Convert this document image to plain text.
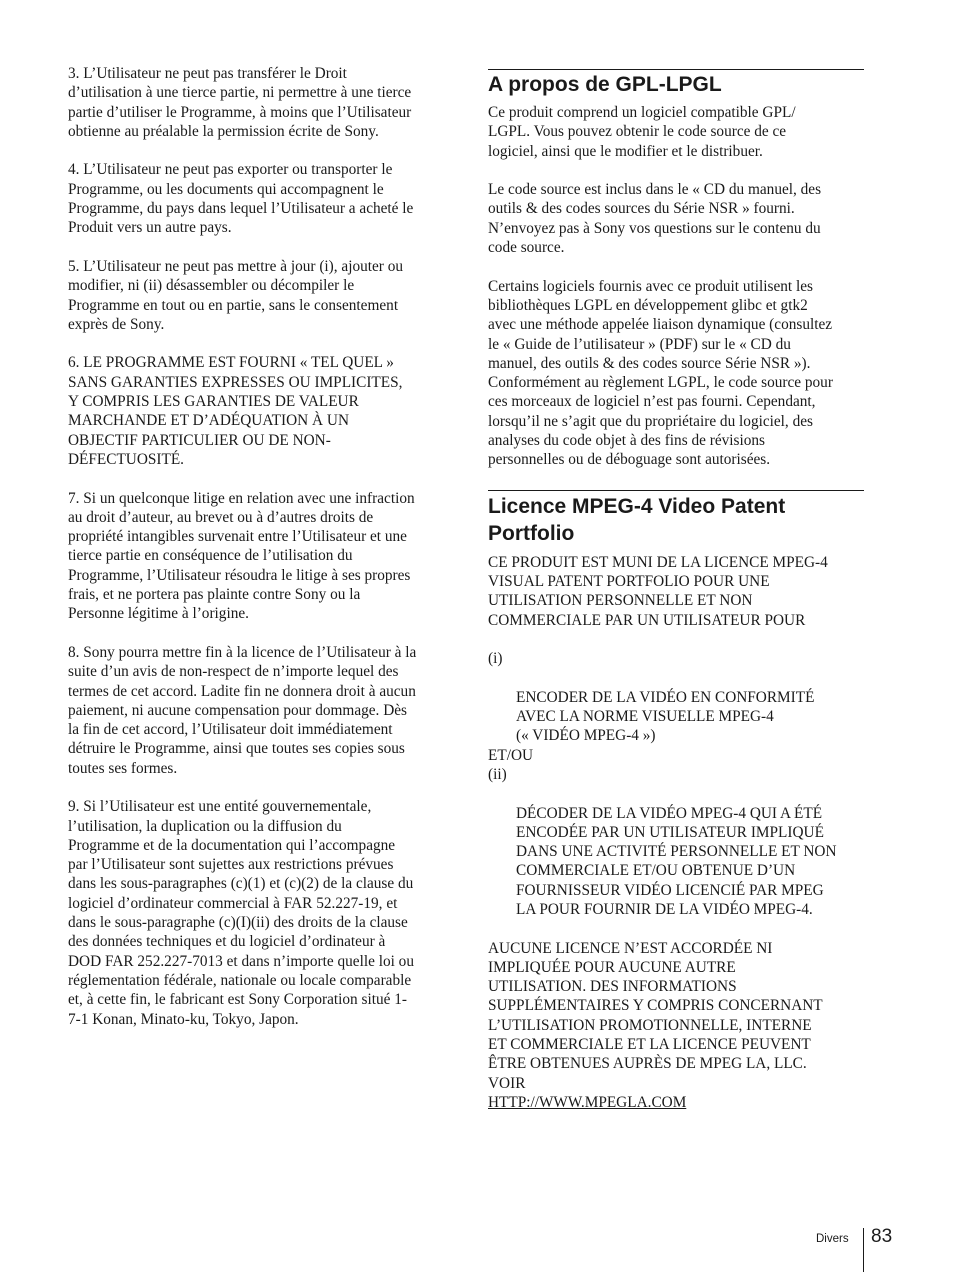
3. L’Utilisateur ne peut pas transférer le Droit
d’utilisation à une tierce partie, ni permettre à une tierce
partie d’utiliser le Programme, à moins que l’Utilisateur
obtienne au préalable la permission écrite de Sony.

4. L’Utilisateur ne peut pas exporter ou transporter le
Programme, ou les documents qui accompagnent le
Programme, du pays dans lequel l’Utilisateur a acheté le
Produit vers un autre pays.

5. L’Utilisateur ne peut pas mettre à jour (i), ajouter ou
modifier, ni (ii) désassembler ou décompiler le
Programme en tout ou en partie, sans le consentement
exprès de Sony.

6. LE PROGRAMME EST FOURNI « TEL QUEL »
SANS GARANTIES EXPRESSES OU IMPLICITES,
Y COMPRIS LES GARANTIES DE VALEUR
MARCHANDE ET D’ADÉQUATION À UN
OBJECTIF PARTICULIER OU DE NON-
DÉFECTUOSITÉ.

7. Si un quelconque litige en relation avec une infraction
au droit d’auteur, au brevet ou à d’autres droits de
propriété intangibles survenait entre l’Utilisateur et une
tierce partie en conséquence de l’utilisation du
Programme, l’Utilisateur résoudra le litige à ses propres
frais, et ne portera pas plainte contre Sony ou la
Personne légitime à l’origine.

8. Sony pourra mettre fin à la licence de l’Utilisateur à la
suite d’un avis de non-respect de n’importe lequel des
termes de cet accord. Ladite fin ne donnera droit à aucun
paiement, ni aucune compensation pour dommage. Dès
la fin de cet accord, l’Utilisateur doit immédiatement
détruire le Programme, ainsi que toutes ses copies sous
toutes ses formes.

9. Si l’Utilisateur est une entité gouvernementale,
l’utilisation, la duplication ou la diffusion du
Programme et de la documentation qui l’accompagne
par l’Utilisateur sont sujettes aux restrictions prévues
dans les sous-paragraphes (c)(1) et (c)(2) de la clause du
logiciel d’ordinateur commercial à FAR 52.227-19, et
dans le sous-paragraphe (c)(I)(ii) des droits de la clause
des données techniques et du logiciel d’ordinateur à
DOD FAR 252.227-7013 et dans n’importe quelle loi ou
réglementation fédérale, nationale ou locale comparable
et, à cette fin, le fabricant est Sony Corporation situé 1-
7-1 Konan, Minato-ku, Tokyo, Japon.

A propos de GPL-LPGL

Ce produit comprend un logiciel compatible GPL/
LGPL. Vous pouvez obtenir le code source de ce
logiciel, ainsi que le modifier et le distribuer.

Le code source est inclus dans le « CD du manuel, des
outils & des codes sources du Série NSR » fourni.
N’envoyez pas à Sony vos questions sur le contenu du
code source.

Certains logiciels fournis avec ce produit utilisent les
bibliothèques LGPL en développement glibc et gtk2
avec une méthode appelée liaison dynamique (consultez
le « Guide de l’utilisateur » (PDF) sur le « CD du
manuel, des outils & des codes source Série NSR »).
Conformément au règlement LGPL, le code source pour
ces morceaux de logiciel n’est pas fourni. Cependant,
lorsqu’il ne s’agit que du propriétaire du logiciel, des
analyses du code objet à des fins de révisions
personnelles ou de déboguage sont autorisées.

Licence MPEG-4 Video Patent
Portfolio

CE PRODUIT EST MUNI DE LA LICENCE MPEG-4
VISUAL PATENT PORTFOLIO POUR UNE
UTILISATION PERSONNELLE ET NON
COMMERCIALE PAR UN UTILISATEUR POUR

(i)

ENCODER DE LA VIDÉO EN CONFORMITÉ
AVEC LA NORME VISUELLE MPEG-4
(« VIDÉO MPEG-4 »)

ET/OU

(ii)

DÉCODER DE LA VIDÉO MPEG-4 QUI A ÉTÉ
ENCODÉE PAR UN UTILISATEUR IMPLIQUÉ
DANS UNE ACTIVITÉ PERSONNELLE ET NON
COMMERCIALE ET/OU OBTENUE D’UN
FOURNISSEUR VIDÉO LICENCIÉ PAR MPEG
LA POUR FOURNIR DE LA VIDÉO MPEG-4.

AUCUNE LICENCE N’EST ACCORDÉE NI
IMPLIQUÉE POUR AUCUNE AUTRE
UTILISATION. DES INFORMATIONS
SUPPLÉMENTAIRES Y COMPRIS CONCERNANT
L’UTILISATION PROMOTIONNELLE, INTERNE
ET COMMERCIALE ET LA LICENCE PEUVENT
ÊTRE OBTENUES AUPRÈS DE MPEG LA, LLC.
VOIR
HTTP://WWW.MPEGLA.COM
Divers 83
